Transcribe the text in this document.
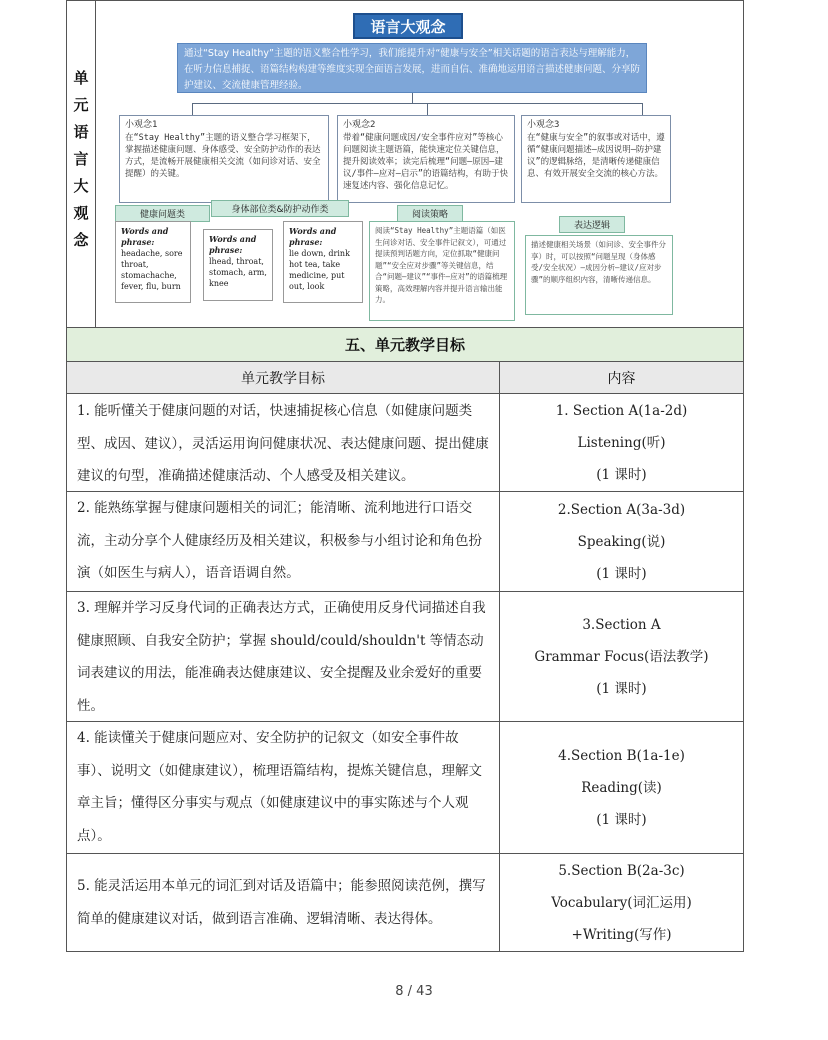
单元语言大观念
语言大观念
通过“Stay Healthy”主题的语义整合性学习，我们能提升对“健康与安全”相关话题的语言表达与理解能力，在听力信息捕捉、语篇结构构建等维度实现全面语言发展，进而自信、准确地运用语言描述健康问题、分享防护建议、交流健康管理经验。
小观念1
在“Stay Healthy”主题的语义整合学习框架下，掌握描述健康问题、身体感受、安全防护动作的表达方式，是流畅开展健康相关交流（如问诊对话、安全提醒）的关键。
小观念2
带着“健康问题成因/安全事件应对”等核心问题阅读主题语篇，能快速定位关键信息，提升阅读效率；读完后梳理“问题—原因—建议/事件—应对—启示”的语篇结构，有助于快速复述内容、强化信息记忆。
小观念3
在“健康与安全”的叙事或对话中，遵循“健康问题描述—成因说明—防护建议”的逻辑脉络，是清晰传递健康信息、有效开展安全交流的核心方法。
健康问题类	身体部位类&防护动作类	阅读策略
表达逻辑
Words and phrase:
headache, sore throat, stomachache, fever, flu, burn
Words and phrase:
lhead, throat, stomach, arm, knee
Words and phrase:
lie down, drink hot tea, take medicine, put out, look
阅读“Stay Healthy”主题语篇（如医生问诊对话、安全事件记叙文），可通过提读预判话题方向，定位抓取“健康问题”“安全应对步骤”等关键信息，结合“问题—建议”“事件—应对”的语篇梳理策略，高效理解内容并提升语言输出能力。
描述健康相关场景（如问诊、安全事件分享）时，可以按照“问题呈现（身体感受/安全状况）—成因分析—建议/应对步骤”的顺序组织内容，清晰传递信息。
五、单元教学目标
单元教学目标	内容
1. 能听懂关于健康问题的对话，快速捕捉核心信息（如健康问题类型、成因、建议），灵活运用询问健康状况、表达健康问题、提出健康建议的句型，准确描述健康活动、个人感受及相关建议。
1. Section A(1a-2d)
Listening(听)
(1 课时)
2. 能熟练掌握与健康问题相关的词汇；能清晰、流利地进行口语交流，主动分享个人健康经历及相关建议，积极参与小组讨论和角色扮演（如医生与病人），语音语调自然。
2.Section A(3a-3d)
Speaking(说)
(1 课时)
3. 理解并学习反身代词的正确表达方式，正确使用反身代词描述自我健康照顾、自我安全防护；掌握 should/could/shouldn't 等情态动词表建议的用法，能准确表达健康建议、安全提醒及业余爱好的重要性。
3.Section A
Grammar Focus(语法教学)
(1 课时)
4. 能读懂关于健康问题应对、安全防护的记叙文（如安全事件故事）、说明文（如健康建议），梳理语篇结构，提炼关键信息，理解文章主旨；懂得区分事实与观点（如健康建议中的事实陈述与个人观点）。
4.Section B(1a-1e)
Reading(读)
(1 课时)
5. 能灵活运用本单元的词汇到对话及语篇中；能参照阅读范例，撰写简单的健康建议对话，做到语言准确、逻辑清晰、表达得体。
5.Section B(2a-3c)
Vocabulary(词汇运用)
+Writing(写作)
8 / 43
